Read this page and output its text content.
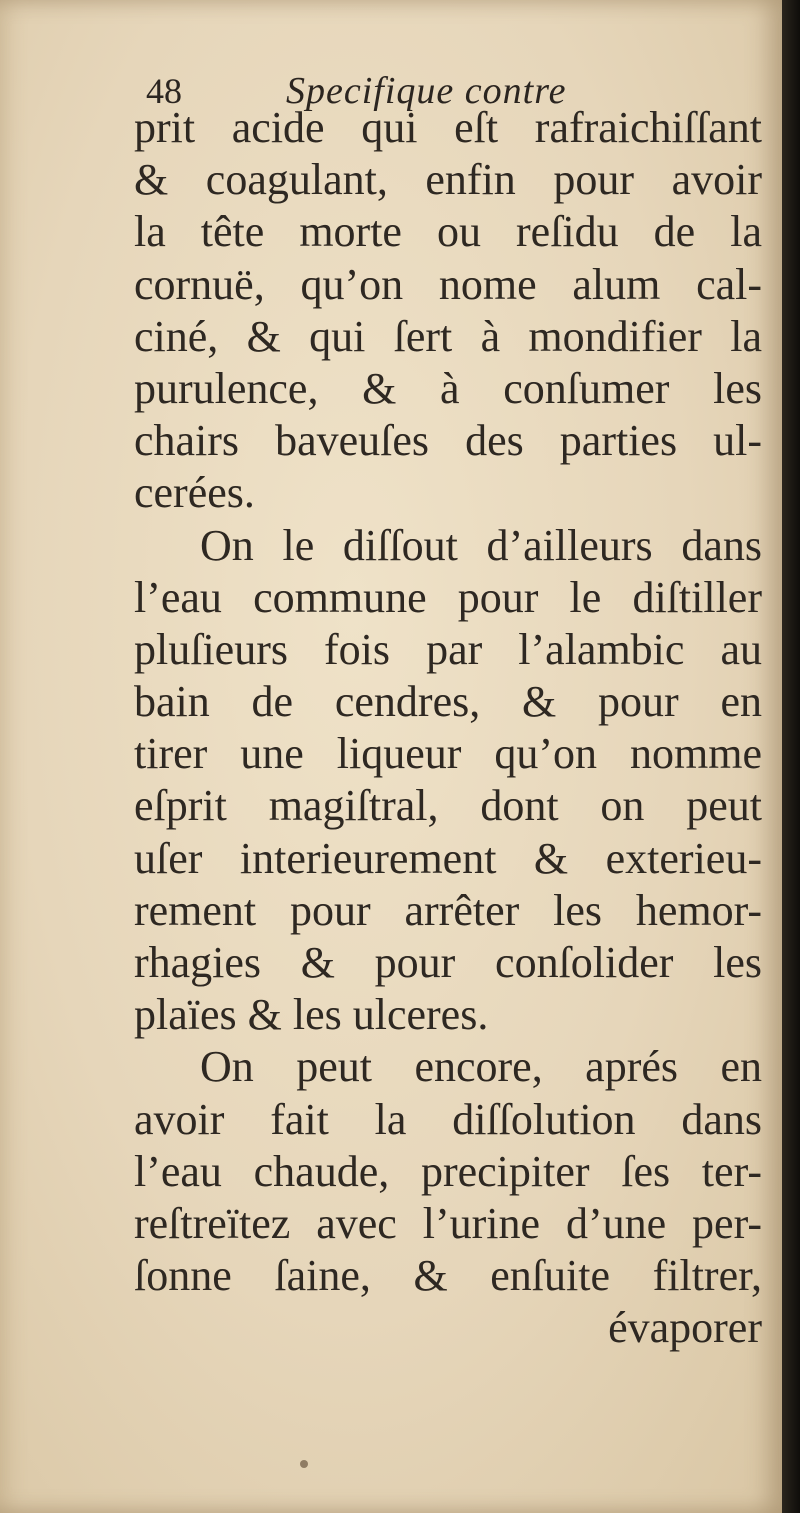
48	Specifique contre
prit acide qui eſt rafraichiſſant
& coagulant, enfin pour avoir
la tête morte ou reſidu de la
cornuë, qu’on nome alum cal-
ciné, & qui ſert à mondifier la
purulence, & à conſumer les
chairs baveuſes des parties ul-
cerées.
On le diſſout d’ailleurs dans
l’eau commune pour le diſtiller
pluſieurs fois par l’alambic au
bain de cendres, & pour en
tirer une liqueur qu’on nomme
eſprit magiſtral, dont on peut
uſer interieurement & exterieu-
rement pour arrêter les hemor-
rhagies & pour conſolider les
plaïes & les ulceres.
On peut encore, aprés en
avoir fait la diſſolution dans
l’eau chaude, precipiter ſes ter-
reſtreïtez avec l’urine d’une per-
ſonne ſaine, & enſuite filtrer,
évaporer
